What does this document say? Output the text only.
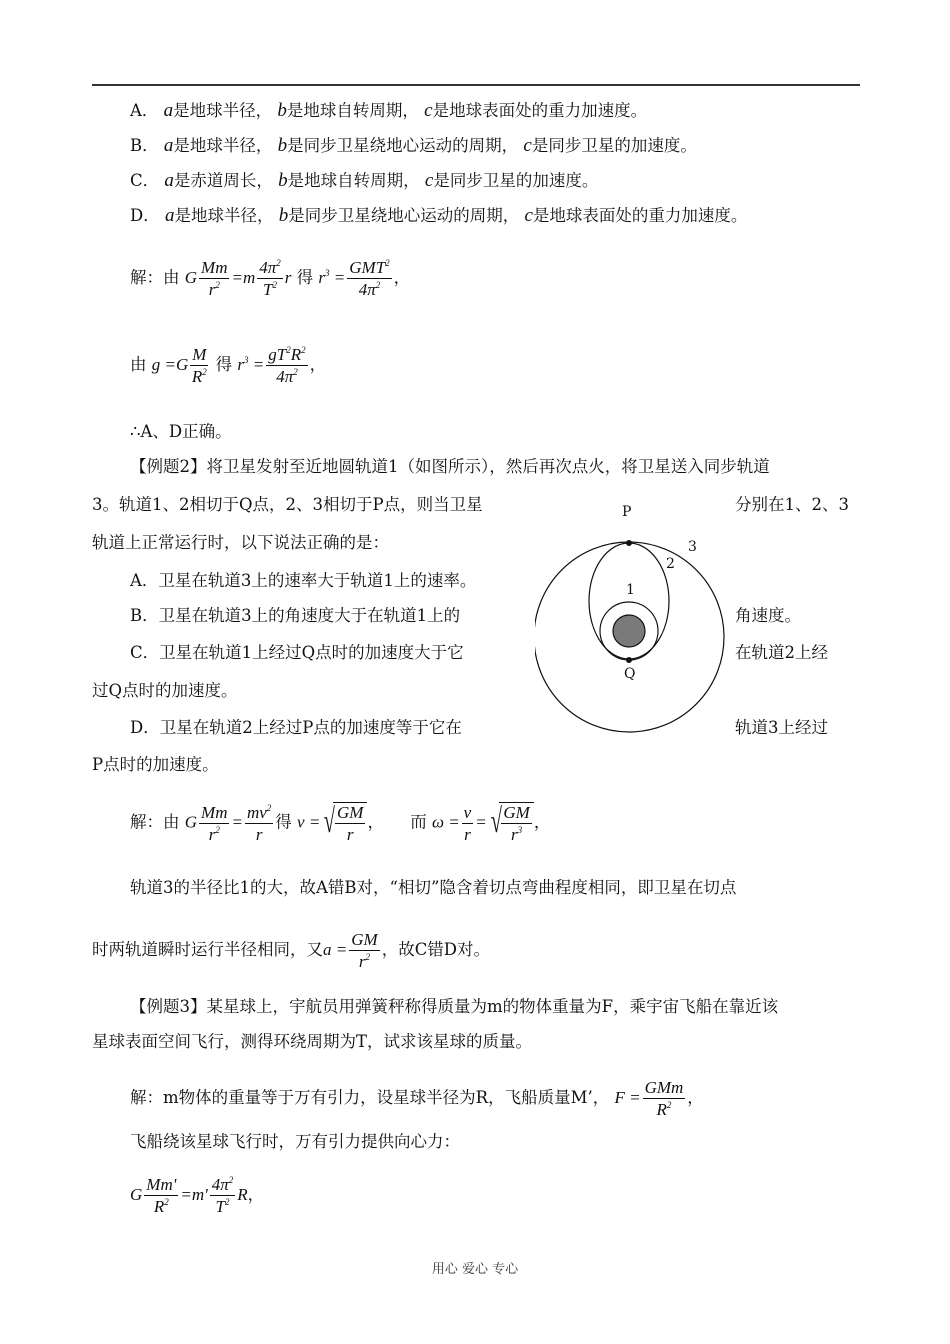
A． a是地球半径， b是地球自转周期， c是地球表面处的重力加速度。
B． a是地球半径， b是同步卫星绕地心运动的周期， c是同步卫星的加速度。
C． a是赤道周长， b是地球自转周期， c是同步卫星的加速度。
D． a是地球半径， b是同步卫星绕地心运动的周期， c是地球表面处的重力加速度。
解：由 G $\frac{Mm}{r^2} =m \frac{4\pi^2}{T^2}$ r 得 $r^3 = \frac{GMT^2}{4\pi^2}$ ，
由 $g =G \frac{M}{R^2}$ 得 $r^3 = \frac{gT^2R^2}{4\pi^2}$ ，
∴A、D正确。
【例题2】将卫星发射至近地圆轨道1（如图所示），然后再次点火，将卫星送入同步轨道
3。轨道1、2相切于Q点，2、3相切于P点，则当卫星	分别在1、2、3
轨道上正常运行时，以下说法正确的是：
A．卫星在轨道3上的速率大于轨道1上的速率。
B．卫星在轨道3上的角速度大于在轨道1上的	角速度。
C．卫星在轨道1上经过Q点时的加速度大于它	在轨道2上经
过Q点时的加速度。
D．卫星在轨道2上经过P点的加速度等于它在	轨道3上经过
P点时的加速度。
P
Q
1
2
3
解：由 G $\frac{Mm}{r^2} = \frac{mv^2}{r}$ 得 v = √ $\frac{GM}{r}$ ， 而 $\omega = \frac{v}{r}$ = √ $\frac{GM}{r^3}$ ，
轨道3的半径比1的大，故A错B对，“相切”隐含着切点弯曲程度相同，即卫星在切点
时两轨道瞬时运行半径相同，又$a = \frac{GM}{r^2}$ ，故C错D对。
【例题3】某星球上，宇航员用弹簧秤称得质量为m的物体重量为F，乘宇宙飞船在靠近该
星球表面空间飞行，测得环绕周期为T，试求该星球的质量。
解：m物体的重量等于万有引力，设星球半径为R，飞船质量M’， $F = \frac{\text{GMm}}{R^2}$ ，
飞船绕该星球飞行时，万有引力提供向心力：
G $\frac{Mm'}{R^2} =m' \frac{4\pi^2}{T^2}$ R，
用心 爱心 专心
